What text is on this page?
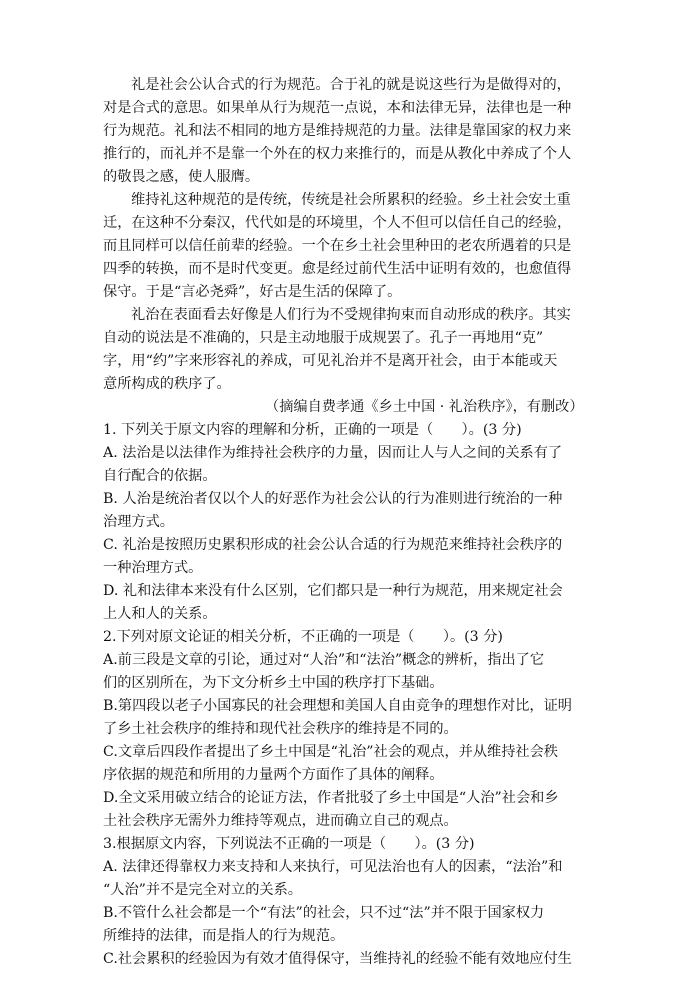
礼是社会公认合式的行为规范。合于礼的就是说这些行为是做得对的，
对是合式的意思。如果单从行为规范一点说，本和法律无异，法律也是一种
行为规范。礼和法不相同的地方是维持规范的力量。法律是靠国家的权力来
推行的，而礼并不是靠一个外在的权力来推行的，而是从教化中养成了个人
的敬畏之感，使人服膺。
维持礼这种规范的是传统，传统是社会所累积的经验。乡土社会安土重
迁，在这种不分秦汉，代代如是的环境里，个人不但可以信任自己的经验，
而且同样可以信任前辈的经验。一个在乡土社会里种田的老农所遇着的只是
四季的转换，而不是时代变更。愈是经过前代生活中证明有效的，也愈值得
保守。于是“言必尧舜”，好古是生活的保障了。
礼治在表面看去好像是人们行为不受规律拘束而自动形成的秩序。其实
自动的说法是不准确的，只是主动地服于成规罢了。孔子一再地用“克”
字，用“约”字来形容礼的养成，可见礼治并不是离开社会，由于本能或天
意所构成的秩序了。
（摘编自费孝通《乡土中国 · 礼治秩序》，有删改）
1. 下列关于原文内容的理解和分析，正确的一项是（　　）。(3 分)
A. 法治是以法律作为维持社会秩序的力量，因而让人与人之间的关系有了
自行配合的依据。
B. 人治是统治者仅以个人的好恶作为社会公认的行为准则进行统治的一种
治理方式。
C. 礼治是按照历史累积形成的社会公认合适的行为规范来维持社会秩序的
一种治理方式。
D. 礼和法律本来没有什么区别，它们都只是一种行为规范，用来规定社会
上人和人的关系。
2.下列对原文论证的相关分析，不正确的一项是（　　）。(3 分)
A.前三段是文章的引论，通过对“人治”和“法治”概念的辨析，指出了它
们的区别所在，为下文分析乡土中国的秩序打下基础。
B.第四段以老子小国寡民的社会理想和美国人自由竞争的理想作对比，证明
了乡土社会秩序的维持和现代社会秩序的维持是不同的。
C.文章后四段作者提出了乡土中国是“礼治”社会的观点，并从维持社会秩
序依据的规范和所用的力量两个方面作了具体的阐释。
D.全文采用破立结合的论证方法，作者批驳了乡土中国是“人治”社会和乡
土社会秩序无需外力维持等观点，进而确立自己的观点。
3.根据原文内容，下列说法不正确的一项是（　　）。(3 分)
A. 法律还得靠权力来支持和人来执行，可见法治也有人的因素，“法治”和
“人治”并不是完全对立的关系。
B.不管什么社会都是一个“有法”的社会，只不过“法”并不限于国家权力
所维持的法律，而是指人的行为规范。
C.社会累积的经验因为有效才值得保守，当维持礼的经验不能有效地应付生
